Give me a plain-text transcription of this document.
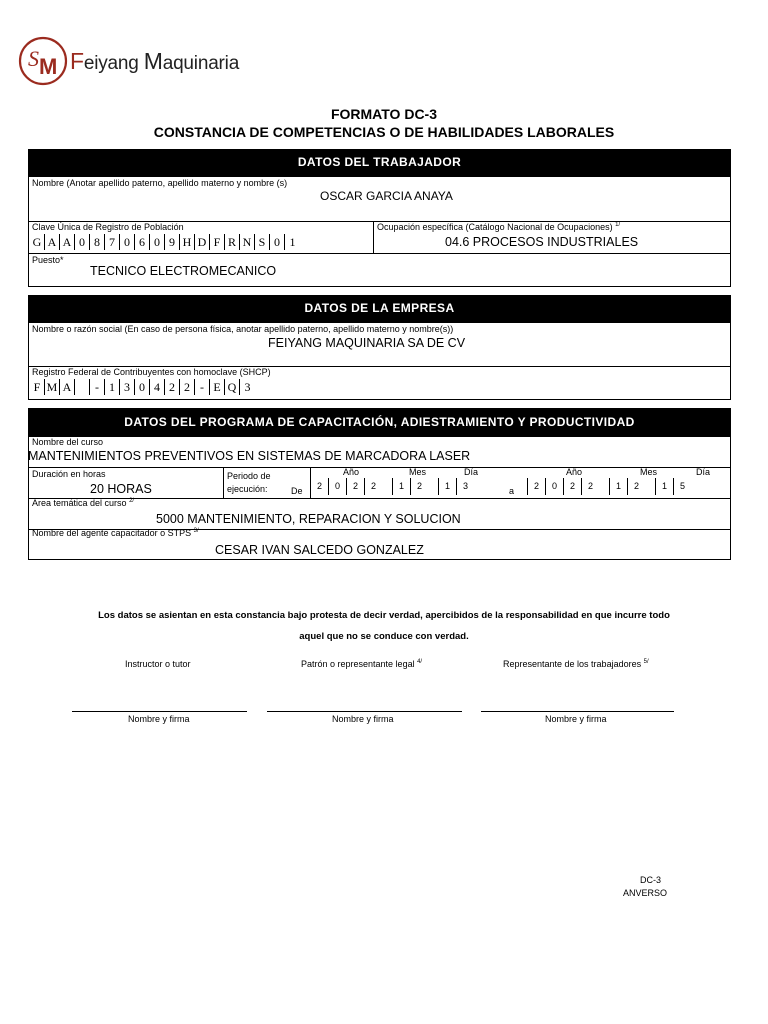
S M Feiyang Maquinaria
FORMATO DC-3
CONSTANCIA DE COMPETENCIAS O DE HABILIDADES LABORALES
DATOS DEL TRABAJADOR
Nombre (Anotar apellido paterno, apellido materno y nombre (s)
OSCAR GARCIA ANAYA
Clave Única de Registro de Población
G A A 0 8 7 0 6 0 9 H D F R N S 0 1
Ocupación específica (Catálogo Nacional de Ocupaciones) $^{1/}$
04.6 PROCESOS INDUSTRIALES
Puesto*
TECNICO ELECTROMECANICO
DATOS DE LA EMPRESA
Nombre o razón social (En caso de persona física, anotar apellido paterno, apellido materno y nombre(s))
FEIYANG MAQUINARIA SA DE CV
Registro Federal de Contribuyentes con homoclave (SHCP)
F M A	- 1 3 0 4 2 2 - E Q 3
DATOS DEL PROGRAMA DE CAPACITACIÓN, ADIESTRAMIENTO Y PRODUCTIVIDAD
Nombre del curso
MANTENIMIENTOS PREVENTIVOS EN SISTEMAS DE MARCADORA LASER
Duración en horas
20 HORAS
Periodo de
ejecución:	De	a
Año	Mes	Día	Año	Mes	Día
2	0	2	2	1	2	1	3	2	0	2	2	1	2	1	5
Área temática del curso $^{2/}$
5000 MANTENIMIENTO, REPARACION Y SOLUCION
Nombre del agente capacitador o STPS $^{3/}$
CESAR IVAN SALCEDO GONZALEZ
Los datos se asientan en esta constancia bajo protesta de decir verdad, apercibidos de la responsabilidad en que incurre todo
aquel que no se conduce con verdad.
Instructor o tutor	Patrón o representante legal $^{4/}$	Representante de los trabajadores $^{5/}$
Nombre y firma	Nombre y firma	Nombre y firma
DC-3
ANVERSO
